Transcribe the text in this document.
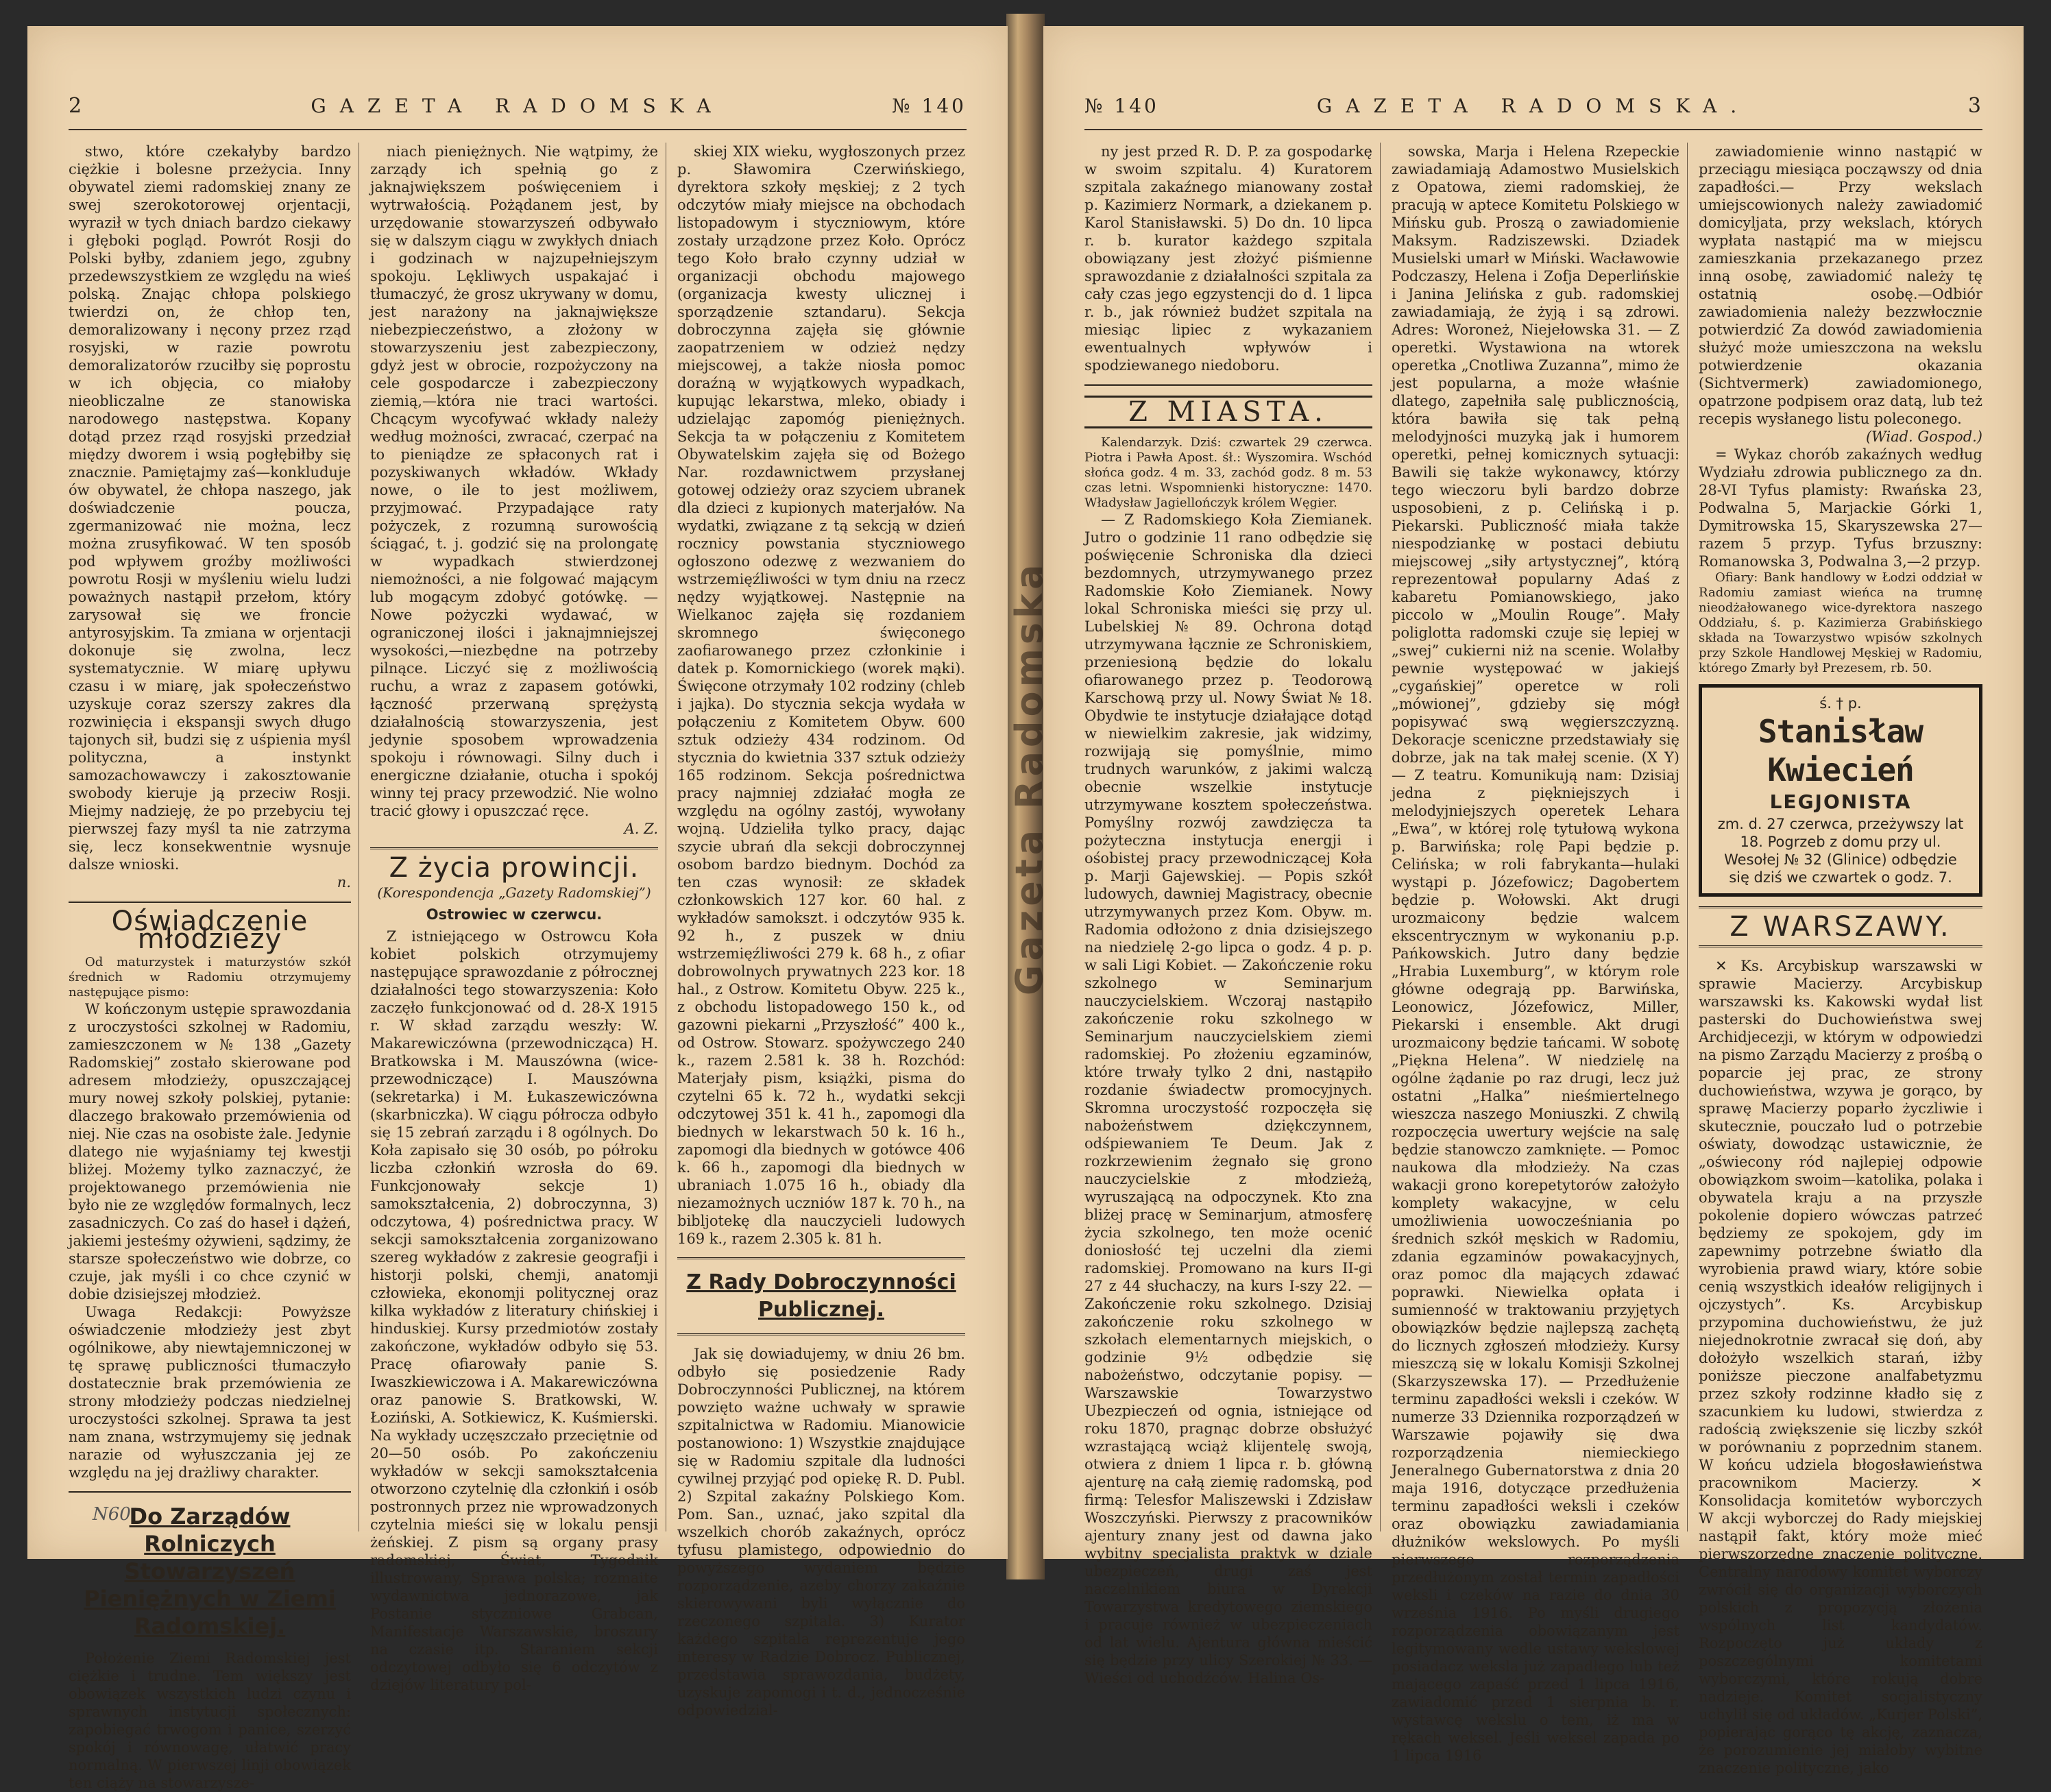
2	GAZETA RADOMSKA	№ 140

stwo, które czekałyby bardzo ciężkie i bolesne przeżycia. Inny obywatel ziemi radomskiej znany ze swej szerokotorowej orjentacji, wyraził w tych dniach bardzo ciekawy i głęboki pogląd. Powrót Rosji do Polski byłby, zdaniem jego, zgubny przedewszystkiem ze względu na wieś polską. Znając chłopa polskiego twierdzi on, że chłop ten, demoralizowany i nęcony przez rząd rosyjski, w razie powrotu demoralizatorów rzuciłby się poprostu w ich objęcia, co miałoby nieobliczalne ze stanowiska narodowego następstwa. Kopany dotąd przez rząd rosyjski przedział między dworem i wsią pogłębiłby się znacznie. Pamiętajmy zaś—konkluduje ów obywatel, że chłopa naszego, jak doświadczenie poucza, zgermanizować nie można, lecz można zrusyfikować. W ten sposób pod wpływem groźby możliwości powrotu Rosji w myśleniu wielu ludzi poważnych nastąpił przełom, który zarysował się we froncie antyrosyjskim. Ta zmiana w orjentacji dokonuje się zwolna, lecz systematycznie. W miarę upływu czasu i w miarę, jak społeczeństwo uzyskuje coraz szerszy zakres dla rozwinięcia i ekspansji swych długo tajonych sił, budzi się z uśpienia myśl polityczna, a instynkt samozachowawczy i zakosztowanie swobody kieruje ją przeciw Rosji. Miejmy nadzieję, że po przebyciu tej pierwszej fazy myśl ta nie zatrzyma się, lecz konsekwentnie wysnuje dalsze wnioski.

n.
Oświadczenie młodzieży

Od maturzystek i maturzystów szkół średnich w Radomiu otrzymujemy następujące pismo:

W kończonym ustępie sprawozdania z uroczystości szkolnej w Radomiu, zamieszczonem w № 138 „Gazety Radomskiej” zostało skierowane pod adresem młodzieży, opuszczającej mury nowej szkoły polskiej, pytanie: dlaczego brakowało przemówienia od niej. Nie czas na osobiste żale. Jedynie dlatego nie wyjaśniamy tej kwestji bliżej. Możemy tylko zaznaczyć, że projektowanego przemówienia nie było nie ze względów formalnych, lecz zasadniczych. Co zaś do haseł i dążeń, jakiemi jesteśmy ożywieni, sądzimy, że starsze społeczeństwo wie dobrze, co czuje, jak myśli i co chce czynić w dobie dzisiejszej młodzież.

Uwaga Redakcji: Powyższe oświadczenie młodzieży jest zbyt ogólnikowe, aby niewtajemniczonej w tę sprawę publiczności tłumaczyło dostatecznie brak przemówienia ze strony młodzieży podczas niedzielnej uroczystości szkolnej. Sprawa ta jest nam znana, wstrzymujemy się jednak narazie od wyłuszczania jej ze względu na jej drażliwy charakter.

Do Zarządów Rolniczych Stowarzyszeń Pieniężnych w Ziemi Radomskiej.

Położenie Ziemi Radomskiej jest ciężkie i trudne. Tem większy jest obowiązek wszystkich ludzi czynu i sprawnych instytucji społecznych: zapobiegać trwogom i panice, szerzyć spokój i równowagę, ułatwić pracy normalną. W pierwszej linji obowiązek ten ciąży na stowarzysze-

niach pieniężnych. Nie wątpimy, że zarządy ich spełnią go z jaknajwiększem poświęceniem i wytrwałością. Pożądanem jest, by urzędowanie stowarzyszeń odbywało się w dalszym ciągu w zwykłych dniach i godzinach w najzupełniejszym spokoju. Lękliwych uspakajać i tłumaczyć, że grosz ukrywany w domu, jest narażony na jaknajwiększe niebezpieczeństwo, a złożony w stowarzyszeniu jest zabezpieczony, gdyż jest w obrocie, rozpożyczony na cele gospodarcze i zabezpieczony ziemią,—która nie traci wartości. Chcącym wycofywać wkłady należy według możności, zwracać, czerpać na to pieniądze ze spłaconych rat i pozyskiwanych wkładów. Wkłady nowe, o ile to jest możliwem, przyjmować. Przypadające raty pożyczek, z rozumną surowością ściągać, t. j. godzić się na prolongatę w wypadkach stwierdzonej niemożności, a nie folgować mającym lub mogącym zdobyć gotówkę. — Nowe pożyczki wydawać, w ograniczonej ilości i jaknajmniejszej wysokości,—niezbędne na potrzeby pilnące. Liczyć się z możliwością ruchu, a wraz z zapasem gotówki, łączność przerwaną sprężystą działalnością stowarzyszenia, jest jedynie sposobem wprowadzenia spokoju i równowagi. Silny duch i energiczne działanie, otucha i spokój winny tej pracy przewodzić. Nie wolno tracić głowy i opuszczać ręce.

A. Z.
Z życia prowincji.
(Korespondencja „Gazety Radomskiej”)
Ostrowiec w czerwcu.

Z istniejącego w Ostrowcu Koła kobiet polskich otrzymujemy następujące sprawozdanie z półrocznej działalności tego stowarzyszenia: Koło zaczęło funkcjonować od d. 28-X 1915 r. W skład zarządu weszły: W. Makarewiczówna (przewodnicząca) H. Bratkowska i M. Mauszówna (wice-przewodniczące) I. Mauszówna (sekretarka) i M. Łukaszewiczówna (skarbniczka). W ciągu półrocza odbyło się 15 zebrań zarządu i 8 ogólnych. Do Koła zapisało się 30 osób, po półroku liczba członkiń wzrosła do 69. Funkcjonowały sekcje 1) samokształcenia, 2) dobroczynna, 3) odczytowa, 4) pośrednictwa pracy. W sekcji samokształcenia zorganizowano szereg wykładów z zakresie geografji i historji polski, chemji, anatomji człowieka, ekonomji politycznej oraz kilka wykładów z literatury chińskiej i hinduskiej. Kursy przedmiotów zostały zakończone, wykładów odbyło się 53. Pracę ofiarowały panie S. Iwaszkiewiczowa i A. Makarewiczówna oraz panowie S. Bratkowski, W. Łoziński, A. Sotkiewicz, K. Kuśmierski. Na wykłady uczęszczało przeciętnie od 20—50 osób. Po zakończeniu wykładów w sekcji samokształcenia otworzono czytelnię dla członkiń i osób postronnych przez nie wprowadzonych czytelnia mieści się w lokalu pensji żeńskiej. Z pism są organy prasy radomskiej, Świat, Tygodnik illustrowany, Sprawa polska; rozmaite wydawnictwa jednorazowe, jak Postanie styczniowe Grabcan, Manifestacje Warszawskie, broszury na czasie itp. Staraniem sekcji odczytowej odbyło się 6 odczytów z dziejów literatury pol-

skiej XIX wieku, wygłoszonych przez p. Sławomira Czerwińskiego, dyrektora szkoły męskiej; z 2 tych odczytów miały miejsce na obchodach listopadowym i styczniowym, które zostały urządzone przez Koło. Oprócz tego Koło brało czynny udział w organizacji obchodu majowego (organizacja kwesty ulicznej i sporządzenie sztandaru). Sekcja dobroczynna zajęła się głównie zaopatrzeniem w odzież nędzy miejscowej, a także niosła pomoc doraźną w wyjątkowych wypadkach, kupując lekarstwa, mleko, obiady i udzielając zapomóg pieniężnych. Sekcja ta w połączeniu z Komitetem Obywatelskim zajęła się od Bożego Nar. rozdawnictwem przysłanej gotowej odzieży oraz szyciem ubranek dla dzieci z kupionych materjałów. Na wydatki, związane z tą sekcją w dzień rocznicy powstania styczniowego ogłoszono odezwę z wezwaniem do wstrzemięźliwości w tym dniu na rzecz nędzy wyjątkowej. Następnie na Wielkanoc zajęła się rozdaniem skromnego święconego zaofiarowanego przez członkinie i datek p. Komornickiego (worek mąki). Święcone otrzymały 102 rodziny (chleb i jajka). Do stycznia sekcja wydała w połączeniu z Komitetem Obyw. 600 sztuk odzieży 434 rodzinom. Od stycznia do kwietnia 337 sztuk odzieży 165 rodzinom. Sekcja pośrednictwa pracy najmniej zdziałać mogła ze względu na ogólny zastój, wywołany wojną. Udzieliła tylko pracy, dając szycie ubrań dla sekcji dobroczynnej osobom bardzo biednym. Dochód za ten czas wynosił: ze składek członkowskich 127 kor. 60 hal. z wykładów samokszt. i odczytów 935 k. 92 h., z puszek w dniu wstrzemięźliwości 279 k. 68 h., z ofiar dobrowolnych prywatnych 223 kor. 18 hal., z Ostrow. Komitetu Obyw. 225 k., z obchodu listopadowego 150 k., od gazowni piekarni „Przyszłość” 400 k., od Ostrow. Stowarz. spożywczego 240 k., razem 2.581 k. 38 h. Rozchód: Materjały pism, książki, pisma do czytelni 65 k. 72 h., wydatki sekcji odczytowej 351 k. 41 h., zapomogi dla biednych w lekarstwach 50 k. 16 h., zapomogi dla biednych w gotówce 406 k. 66 h., zapomogi dla biednych w ubraniach 1.075 16 h., obiady dla niezamożnych uczniów 187 k. 70 h., na bibljotekę dla nauczycieli ludowych 169 k., razem 2.305 k. 81 h.

Z Rady Dobroczynności Publicznej.

Jak się dowiadujemy, w dniu 26 bm. odbyło się posiedzenie Rady Dobroczynności Publicznej, na którem powzięto ważne uchwały w sprawie szpitalnictwa w Radomiu. Mianowicie postanowiono: 1) Wszystkie znajdujące się w Radomiu szpitale dla ludności cywilnej przyjąć pod opiekę R. D. Publ. 2) Szpital zakaźny Polskiego Kom. Pom. San., uznać, jako szpital dla wszelkich chorób zakaźnych, oprócz tyfusu plamistego, odpowiednio do powyższego wydaniem będzie rozporządzenie, azeby chorzy zakaźnie skierowywani byli wyłącznie do rzeczonego szpitala. 3) Kurator każdego szpitala reprezentuje jego interesy w Radzie Dobrocz. Publicznej, przedstawia sprawozdania, budżety, uzyskuje zapomogi i t. d., jednocześnie odpowiedzial-

N60
№ 140	GAZETA RADOMSKA.	3

ny jest przed R. D. P. za gospodarkę w swoim szpitalu. 4) Kuratorem szpitala zakaźnego mianowany został p. Kazimierz Normark, a dziekanem p. Karol Stanisławski. 5) Do dn. 10 lipca r. b. kurator każdego szpitala obowiązany jest złożyć piśmienne sprawozdanie z działalności szpitala za cały czas jego egzystencji do d. 1 lipca r. b., jak również budżet szpitala na miesiąc lipiec z wykazaniem ewentualnych wpływów i spodziewanego niedoboru.

Z MIASTA.

Kalendarzyk. Dziś: czwartek 29 czerwca. Piotra i Pawła Apost. śł.: Wyszomira. Wschód słońca godz. 4 m. 33, zachód godz. 8 m. 53 czas letni. Wspomnienki historyczne: 1470. Władysław Jagiellończyk królem Węgier.

— Z Radomskiego Koła Ziemianek. Jutro o godzinie 11 rano odbędzie się poświęcenie Schroniska dla dzieci bezdomnych, utrzymywanego przez Radomskie Koło Ziemianek. Nowy lokal Schroniska mieści się przy ul. Lubelskiej № 89. Ochrona dotąd utrzymywana łącznie ze Schroniskiem, przeniesioną będzie do lokalu ofiarowanego przez p. Teodorową Karschową przy ul. Nowy Świat № 18. Obydwie te instytucje działające dotąd w niewielkim zakresie, jak widzimy, rozwijają się pomyślnie, mimo trudnych warunków, z jakimi walczą obecnie wszelkie instytucje utrzymywane kosztem społeczeństwa. Pomyślny rozwój zawdzięcza ta pożyteczna instytucja energji i ośobistej pracy przewodniczącej Koła p. Marji Gajewskiej. — Popis szkół ludowych, dawniej Magistracy, obecnie utrzymywanych przez Kom. Obyw. m. Radomia odłożono z dnia dzisiejszego na niedzielę 2-go lipca o godz. 4 p. p. w sali Ligi Kobiet. — Zakończenie roku szkolnego w Seminarjum nauczycielskiem. Wczoraj nastąpiło zakończenie roku szkolnego w Seminarjum nauczycielskiem ziemi radomskiej. Po złożeniu egzaminów, które trwały tylko 2 dni, nastąpiło rozdanie świadectw promocyjnych. Skromna uroczystość rozpoczęła się nabożeństwem dziękczynnem, odśpiewaniem Te Deum. Jak z rozkrzewienim żegnało się grono nauczycielskie z młodzieżą, wyruszającą na odpoczynek. Kto zna bliżej pracę w Seminarjum, atmosferę życia szkolnego, ten może ocenić doniosłość tej uczelni dla ziemi radomskiej. Promowano na kurs II-gi 27 z 44 słuchaczy, na kurs I-szy 22. — Zakończenie roku szkolnego. Dzisiaj zakończenie roku szkolnego w szkołach elementarnych miejskich, o godzinie 9½ odbędzie się nabożeństwo, odczytanie popisy. — Warszawskie Towarzystwo Ubezpieczeń od ognia, istniejące od roku 1870, pragnąc dobrze obsłużyć wzrastającą wciąż klijentelę swoją, otwiera z dniem 1 lipca r. b. główną ajenturę na całą ziemię radomską, pod firmą: Telesfor Maliszewski i Zdzisław Woszczyński. Pierwszy z pracowników ajentury znany jest od dawna jako wybitny specjalista praktyk w dziale ubezpieczeń, drugi zaś jest naczelnikiem biura w Dyrekcji Towarzystwa kredytowego ziemskiego i pracuje również w ubezpieczeniach od lat wielu. Ajentura główna mieścić się będzie przy ulicy Szerokiej № 33. — Wieści od uchodźców. Halina Os-

sowska, Marja i Helena Rzepeckie zawiadamiają Adamostwo Musielskich z Opatowa, ziemi radomskiej, że pracują w aptece Komitetu Polskiego w Mińsku gub. Proszą o zawiadomienie Maksym. Radziszewski. Dziadek Musielski umarł w Miński. Wacławowie Podczaszy, Helena i Zofja Deperlińskie i Janina Jelińska z gub. radomskiej zawiadamiają, że żyją i są zdrowi. Adres: Woroneż, Niejełowska 31. — Z operetki. Wystawiona na wtorek operetka „Cnotliwa Zuzanna”, mimo że jest popularna, a może właśnie dlatego, zapełniła salę publicznością, która bawiła się tak pełną melodyjności muzyką jak i humorem operetki, pełnej komicznych sytuacji: Bawili się także wykonawcy, którzy tego wieczoru byli bardzo dobrze usposobieni, z p. Celińską i p. Piekarski. Publiczność miała także niespodziankę w postaci debiutu miejscowej „siły artystycznej”, którą reprezentował popularny Adaś z kabaretu Pomianowskiego, jako piccolo w „Moulin Rouge”. Mały poliglotta radomski czuje się lepiej w „swej” cukierni niż na scenie. Wolałby pewnie występować w jakiejś „cygańskiej” operetce w roli „mówionej”, gdzieby się mógł popisywać swą węgierszczyzną. Dekoracje sceniczne przedstawiały się dobrze, jak na tak małej scenie. (X Y) — Z teatru. Komunikują nam: Dzisiaj jedna z piękniejszych i melodyjniejszych operetek Lehara „Ewa”, w której rolę tytułową wykona p. Barwińska; rolę Papi będzie p. Celińska; w roli fabrykanta—hulaki wystąpi p. Józefowicz; Dagobertem będzie p. Wołowski. Akt drugi urozmaicony będzie walcem ekscentrycznym w wykonaniu p.p. Pańkowskich. Jutro dany będzie „Hrabia Luxemburg”, w którym role główne odegrają pp. Barwińska, Leonowicz, Józefowicz, Miller, Piekarski i ensemble. Akt drugi urozmaicony będzie tańcami. W sobotę „Piękna Helena”. W niedzielę na ogólne żądanie po raz drugi, lecz już ostatni „Halka” nieśmiertelnego wieszcza naszego Moniuszki. Z chwilą rozpoczęcia uwertury wejście na salę będzie stanowczo zamknięte. — Pomoc naukowa dla młodzieży. Na czas wakacji grono korepetytorów założyło komplety wakacyjne, w celu umożliwienia uowocześniania po średnich szkół męskich w Radomiu, zdania egzaminów powakacyjnych, oraz pomoc dla mających zdawać poprawki. Niewielka opłata i sumienność w traktowaniu przyjętych obowiązków będzie najlepszą zachętą do licznych zgłoszeń młodzieży. Kursy mieszczą się w lokalu Komisji Szkolnej (Skarzyszewska 17). — Przedłużenie terminu zapadłości weksli i czeków. W numerze 33 Dziennika rozporządzeń w Warszawie pojawiły się dwa rozporządzenia niemieckiego Jeneralnego Gubernatorstwa z dnia 20 maja 1916, dotyczące przedłużenia terminu zapadłości weksli i czeków oraz obowiązku zawiadamiania dłużników wekslowych. Po myśli pierwszego rozporządzenia przedłużonym został termin zapadłości weksli i czeków na razie do dnia 30 września 1916. Po myśli drugiego rozporządzenia obowiązanym jest legitymowany wedle ustawy wekslowej posiadacz weksla już zapadłego lub też mającego zapaść przed 1 lipca 1916, zawiadomić przed 1 sierpnia b. r. wystawcę wekslu o tem, iż ma w rękach weksel. Jeśli weksel zapada po 1 lipca 1916

zawiadomienie winno nastąpić w przeciągu miesiąca począwszy od dnia zapadłości.— Przy wekslach umiejscowionych należy zawiadomić domicyljata, przy wekslach, których wypłata nastąpić ma w miejscu zamieszkania przekazanego przez inną osobę, zawiadomić należy tę ostatnią osobę.—Odbiór zawiadomienia należy bezzwłocznie potwierdzić Za dowód zawiadomienia służyć może umieszczona na wekslu potwierdzenie okazania (Sichtvermerk) zawiadomionego, opatrzone podpisem oraz datą, lub też recepis wysłanego listu poleconego.

(Wiad. Gospod.)

= Wykaz chorób zakaźnych według Wydziału zdrowia publicznego za dn. 28-VI Tyfus plamisty: Rwańska 23, Podwalna 5, Marjackie Górki 1, Dymitrowska 15, Skaryszewska 27—razem 5 przyp. Tyfus brzuszny: Romanowska 3, Podwalna 3,—2 przyp.

Ofiary: Bank handlowy w Łodzi oddział w Radomiu zamiast wieńca na trumnę nieodżałowanego wice-dyrektora naszego Oddziału, ś. p. Kazimierza Grabińskiego składa na Towarzystwo wpisów szkolnych przy Szkole Handlowej Męskiej w Radomiu, którego Zmarły był Prezesem, rb. 50.

ś. † p.
Stanisław Kwiecień
LEGJONISTA
zm. d. 27 czerwca, przeżywszy lat 18. Pogrzeb z domu przy ul. Wesołej № 32 (Glinice) odbędzie się dziś we czwartek o godz. 7.
Z WARSZAWY.

✕ Ks. Arcybiskup warszawski w sprawie Macierzy. Arcybiskup warszawski ks. Kakowski wydał list pasterski do Duchowieństwa swej Archidjecezji, w którym w odpowiedzi na pismo Zarządu Macierzy z prośbą o poparcie jej prac, ze strony duchowieństwa, wzywa je gorąco, by sprawę Macierzy poparło życzliwie i skutecznie, pouczało lud o potrzebie oświaty, dowodząc ustawicznie, że „oświecony ród najlepiej odpowie obowiązkom swoim—katolika, polaka i obywatela kraju a na przyszłe pokolenie dopiero wówczas patrzeć będziemy ze spokojem, gdy im zapewnimy potrzebne światło dla wyrobienia prawd wiary, które sobie cenią wszystkich ideałów religijnych i ojczystych”. Ks. Arcybiskup przypomina duchowieństwu, że już niejednokrotnie zwracał się doń, aby dołożyło wszelkich starań, iżby poniższe pieczone analfabetyzmu przez szkoły rodzinne kładło się z szacunkiem ku ludowi, stwierdza z radością zwiększenie się liczby szkół w porównaniu z poprzednim stanem. W końcu udziela błogosławieństwa pracownikom Macierzy. ✕ Konsolidacja komitetów wyborczych W akcji wyborczej do Rady miejskiej nastąpił fakt, który może mieć pierwszorzędne znaczenie polityczne. Centralny narodowy komitet wyborczy zwrócił się do organizacji wyborczych polskich z propozycją złożenia wspólnych list kandydatów. Rozpoczęto już układy z poszczególnymi komitetami wyborczymi, które rokują dobre nadzieje. Komitet socjalistyczny uchylił się od układów. „Kurjer Polski”, popierając gorąco tę akcję, zaznacza, że porozumienie jej miałoby wybitne znaczenie polityczne, jako

Gazeta Radomska
